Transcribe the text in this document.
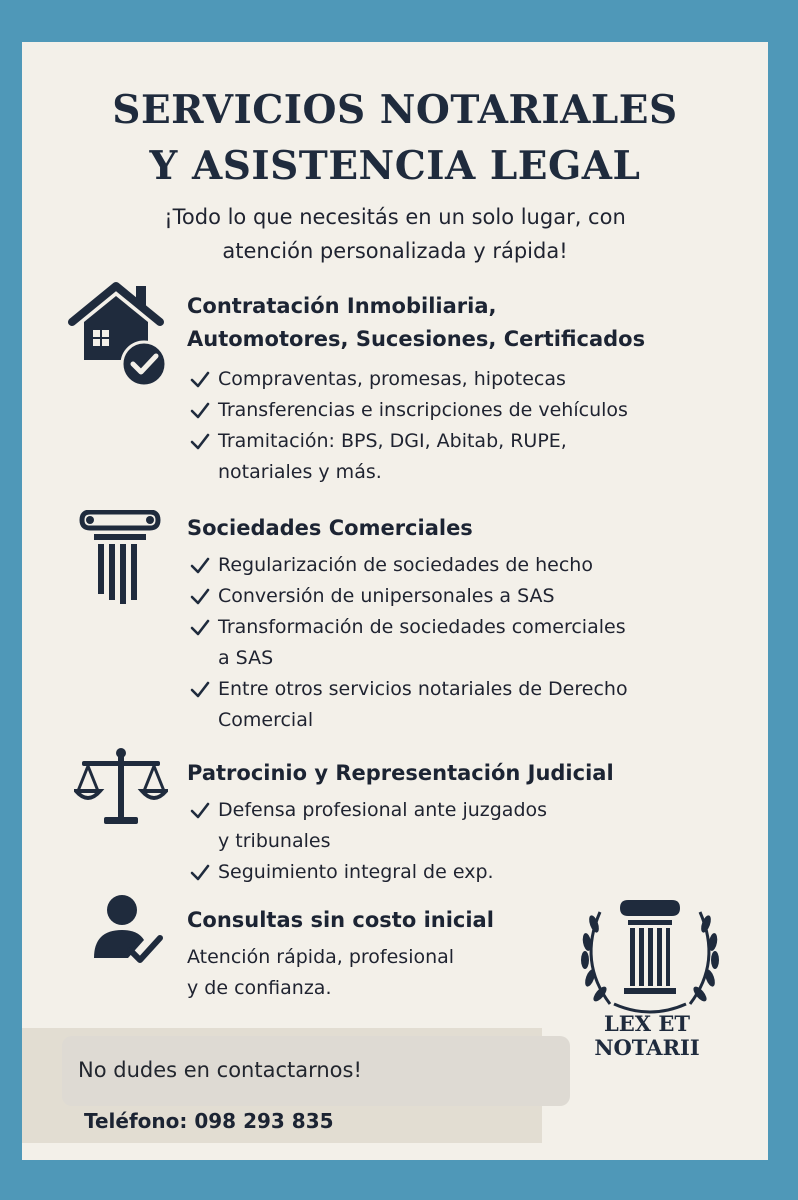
SERVICIOS NOTARIALES
Y ASISTENCIA LEGAL
¡Todo lo que necesitás en un solo lugar, con
atención personalizada y rápida!
Contratación Inmobiliaria,
Automotores, Sucesiones, Certificados
Compraventas, promesas, hipotecas
Transferencias e inscripciones de vehículos
Tramitación: BPS, DGI, Abitab, RUPE,
notariales y más.
Sociedades Comerciales
Regularización de sociedades de hecho
Conversión de unipersonales a SAS
Transformación de sociedades comerciales
a SAS
Entre otros servicios notariales de Derecho
Comercial
Patrocinio y Representación Judicial
Defensa profesional ante juzgados
y tribunales
Seguimiento integral de exp.
Consultas sin costo inicial
Atención rápida, profesional
y de confianza.
LEX ET
NOTARII
No dudes en contactarnos!
Teléfono: 098 293 835
